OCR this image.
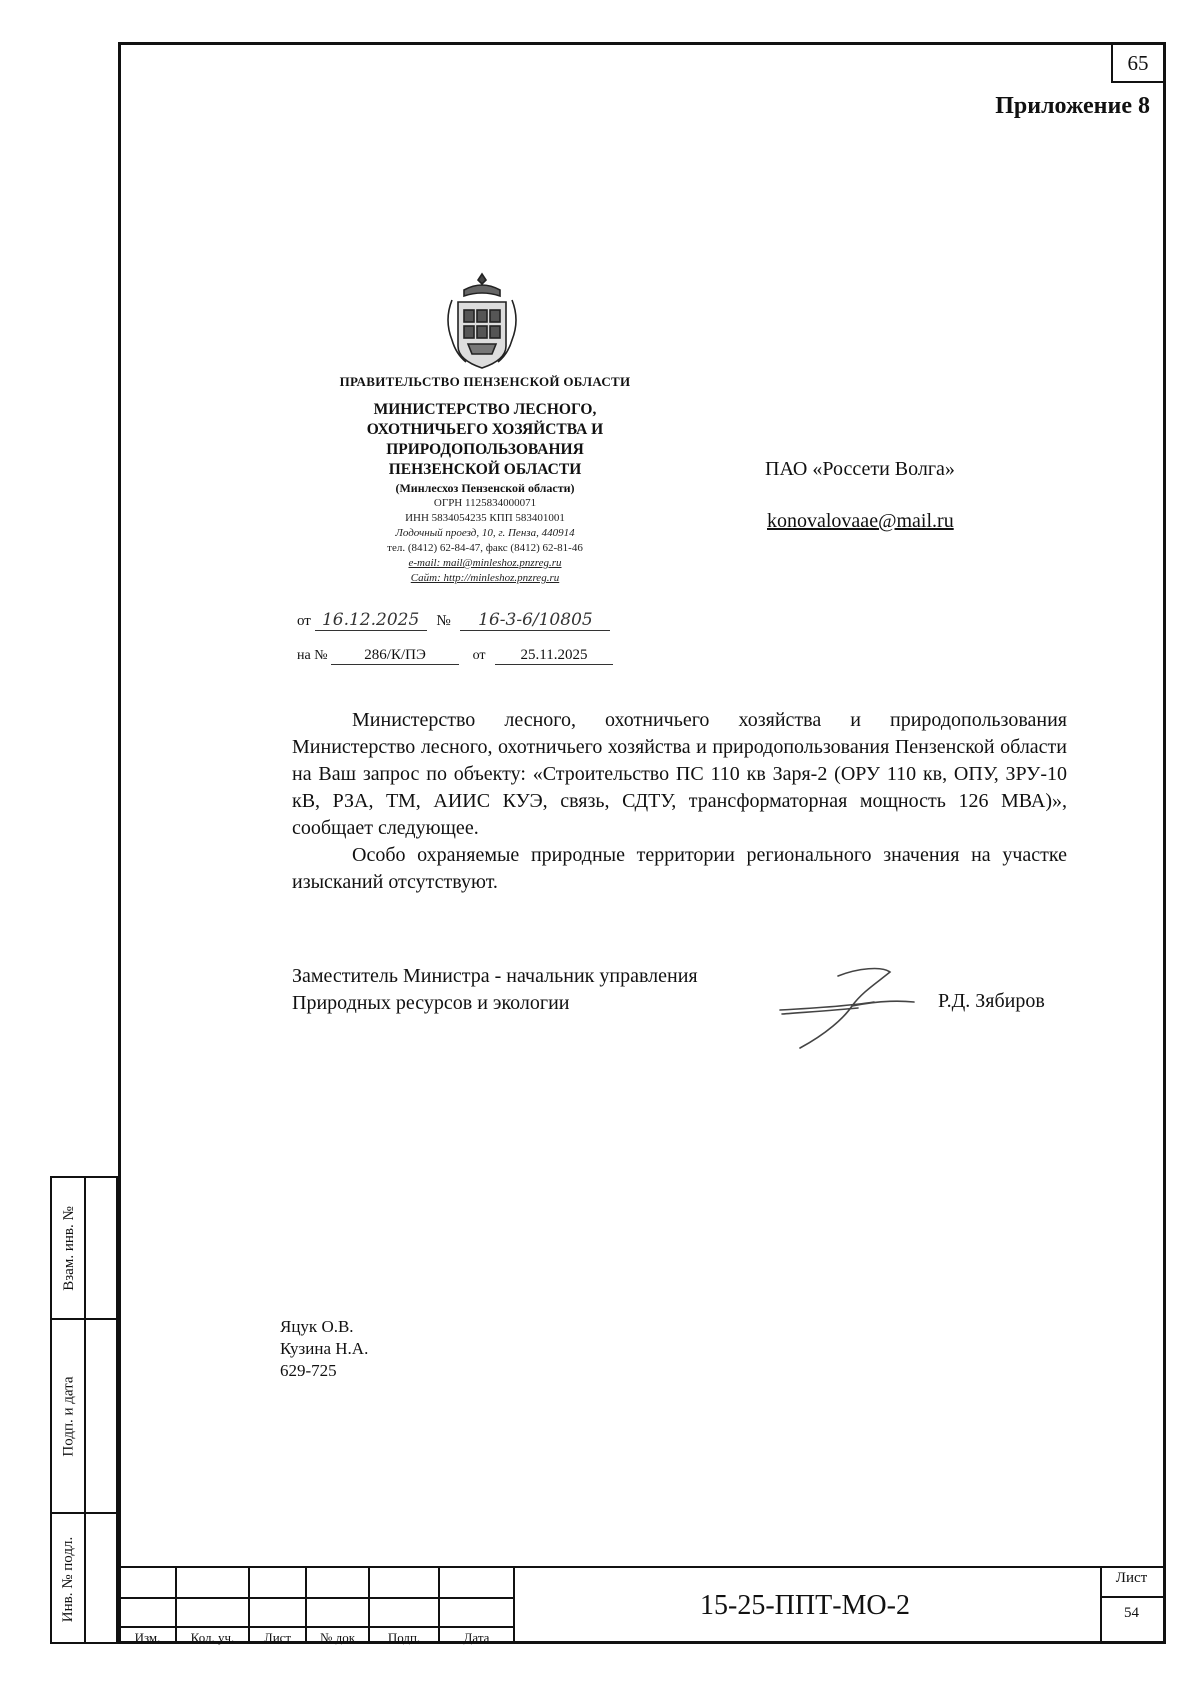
65
Приложение 8
Взам. инв. №
Подп. и дата
Инв. № подл.
ПРАВИТЕЛЬСТВО ПЕНЗЕНСКОЙ ОБЛАСТИ
МИНИСТЕРСТВО ЛЕСНОГО,
ОХОТНИЧЬЕГО ХОЗЯЙСТВА И
ПРИРОДОПОЛЬЗОВАНИЯ
ПЕНЗЕНСКОЙ ОБЛАСТИ
(Минлесхоз Пензенской области)
ОГРН 1125834000071
ИНН 5834054235 КПП 583401001
Лодочный проезд, 10, г. Пенза, 440914
тел. (8412) 62-84-47, факс (8412) 62-81-46
e-mail: mail@minleshoz.pnzreg.ru
Сайт: http://minleshoz.pnzreg.ru
от 16.12.2025 № 16-3-6/10805
на № 286/К/ПЭ	от 25.11.2025
ПАО «Россети Волга»
konovalovaae@mail.ru

Министерство лесного, охотничьего хозяйства и природопользования Министерство лесного, охотничьего хозяйства и природопользования Пензенской области на Ваш запрос по объекту: «Строительство ПС 110 кв Заря-2 (ОРУ 110 кв, ОПУ, ЗРУ-10 кВ, РЗА, ТМ, АИИС КУЭ, связь, СДТУ, трансформаторная мощность 126 МВА)», сообщает следующее.

Особо охраняемые природные территории регионального значения на участке изысканий отсутствуют.

Заместитель Министра - начальник управления
Природных ресурсов и экологии	Р.Д. Зябиров
Яцук О.В.
Кузина Н.А.
629-725
Изм.	Кол. уч.	Лист	№ док	Подп.	Дата
15-25-ППТ-МО-2
Лист
54
